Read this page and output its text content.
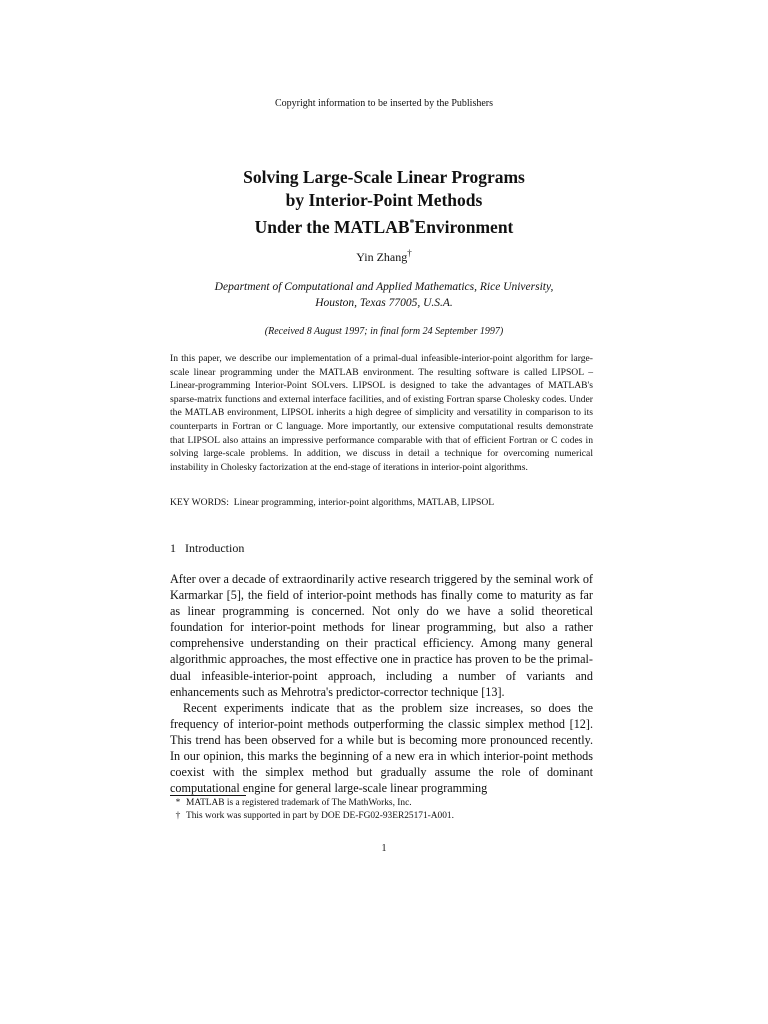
Copyright information to be inserted by the Publishers
Solving Large-Scale Linear Programs
by Interior-Point Methods
Under the MATLAB*Environment
Yin Zhang†
Department of Computational and Applied Mathematics, Rice University,
Houston, Texas 77005, U.S.A.
(Received 8 August 1997; in final form 24 September 1997)
In this paper, we describe our implementation of a primal-dual infeasible-interior-point algorithm for large-scale linear programming under the MATLAB environment. The resulting software is called LIPSOL – Linear-programming Interior-Point SOLvers. LIPSOL is designed to take the advantages of MATLAB's sparse-matrix functions and external interface facilities, and of existing Fortran sparse Cholesky codes. Under the MATLAB environment, LIPSOL inherits a high degree of simplicity and versatility in comparison to its counterparts in Fortran or C language. More importantly, our extensive computational results demonstrate that LIPSOL also attains an impressive performance comparable with that of efficient Fortran or C codes in solving large-scale problems. In addition, we discuss in detail a technique for overcoming numerical instability in Cholesky factorization at the end-stage of iterations in interior-point algorithms.
KEY WORDS: Linear programming, interior-point algorithms, MATLAB, LIPSOL
1 Introduction

After over a decade of extraordinarily active research triggered by the seminal work of Karmarkar [5], the field of interior-point methods has finally come to maturity as far as linear programming is concerned. Not only do we have a solid theoretical foundation for interior-point methods for linear programming, but also a rather comprehensive understanding on their practical efficiency. Among many general algorithmic approaches, the most effective one in practice has proven to be the primal-dual infeasible-interior-point approach, including a number of variants and enhancements such as Mehrotra's predictor-corrector technique [13].

Recent experiments indicate that as the problem size increases, so does the frequency of interior-point methods outperforming the classic simplex method [12]. This trend has been observed for a while but is becoming more pronounced recently. In our opinion, this marks the beginning of a new era in which interior-point methods coexist with the simplex method but gradually assume the role of dominant computational engine for general large-scale linear programming

* MATLAB is a registered trademark of The MathWorks, Inc.
† This work was supported in part by DOE DE-FG02-93ER25171-A001.
1
